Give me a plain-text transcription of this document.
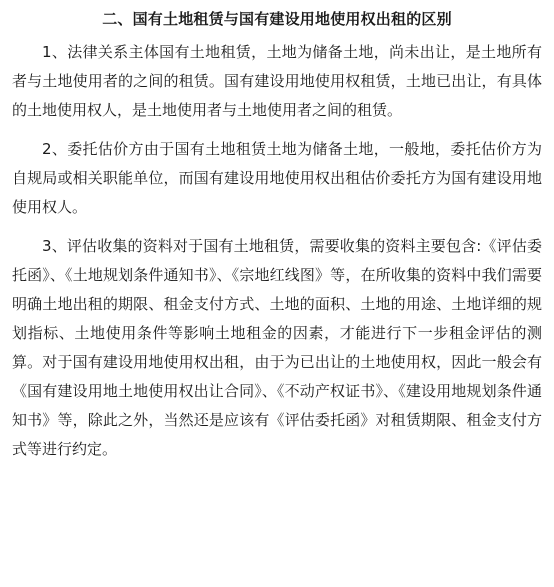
二、国有土地租赁与国有建设用地使用权出租的区别

1、法律关系主体国有土地租赁，土地为储备土地，尚未出让，是土地所有者与土地使用者的之间的租赁。国有建设用地使用权租赁，土地已出让，有具体的土地使用权人，是土地使用者与土地使用者之间的租赁。

2、委托估价方由于国有土地租赁土地为储备土地，一般地，委托估价方为自规局或相关职能单位，而国有建设用地使用权出租估价委托方为国有建设用地使用权人。

3、评估收集的资料对于国有土地租赁，需要收集的资料主要包含:《评估委托函》、《土地规划条件通知书》、《宗地红线图》等，在所收集的资料中我们需要明确土地出租的期限、租金支付方式、土地的面积、土地的用途、土地详细的规划指标、土地使用条件等影响土地租金的因素，才能进行下一步租金评估的测算。对于国有建设用地使用权出租，由于为已出让的土地使用权，因此一般会有《国有建设用地土地使用权出让合同》、《不动产权证书》、《建设用地规划条件通知书》等，除此之外，当然还是应该有《评估委托函》对租赁期限、租金支付方式等进行约定。
